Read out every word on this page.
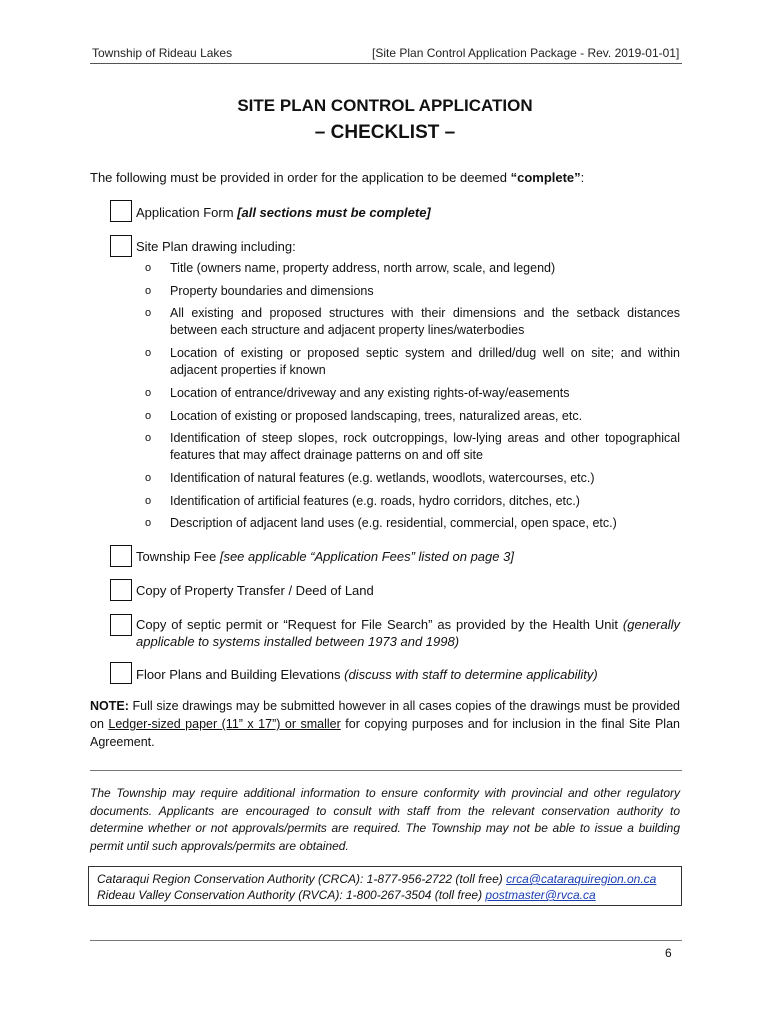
Township of Rideau Lakes	[Site Plan Control Application Package - Rev. 2019-01-01]
SITE PLAN CONTROL APPLICATION
– CHECKLIST –
The following must be provided in order for the application to be deemed “complete”:
Application Form [all sections must be complete]
Site Plan drawing including:
o Title (owners name, property address, north arrow, scale, and legend)
o Property boundaries and dimensions
o All existing and proposed structures with their dimensions and the setback distances between each structure and adjacent property lines/waterbodies
o Location of existing or proposed septic system and drilled/dug well on site; and within adjacent properties if known
o Location of entrance/driveway and any existing rights-of-way/easements
o Location of existing or proposed landscaping, trees, naturalized areas, etc.
o Identification of steep slopes, rock outcroppings, low-lying areas and other topographical features that may affect drainage patterns on and off site
o Identification of natural features (e.g. wetlands, woodlots, watercourses, etc.)
o Identification of artificial features (e.g. roads, hydro corridors, ditches, etc.)
o Description of adjacent land uses (e.g. residential, commercial, open space, etc.)
Township Fee [see applicable “Application Fees” listed on page 3]
Copy of Property Transfer / Deed of Land
Copy of septic permit or “Request for File Search” as provided by the Health Unit (generally applicable to systems installed between 1973 and 1998)
Floor Plans and Building Elevations (discuss with staff to determine applicability)
NOTE: Full size drawings may be submitted however in all cases copies of the drawings must be provided on Ledger-sized paper (11” x 17”) or smaller for copying purposes and for inclusion in the final Site Plan Agreement.
The Township may require additional information to ensure conformity with provincial and other regulatory documents. Applicants are encouraged to consult with staff from the relevant conservation authority to determine whether or not approvals/permits are required. The Township may not be able to issue a building permit until such approvals/permits are obtained.
Cataraqui Region Conservation Authority (CRCA): 1-877-956-2722 (toll free) crca@cataraquiregion.on.ca
Rideau Valley Conservation Authority (RVCA): 1-800-267-3504 (toll free) postmaster@rvca.ca
6
